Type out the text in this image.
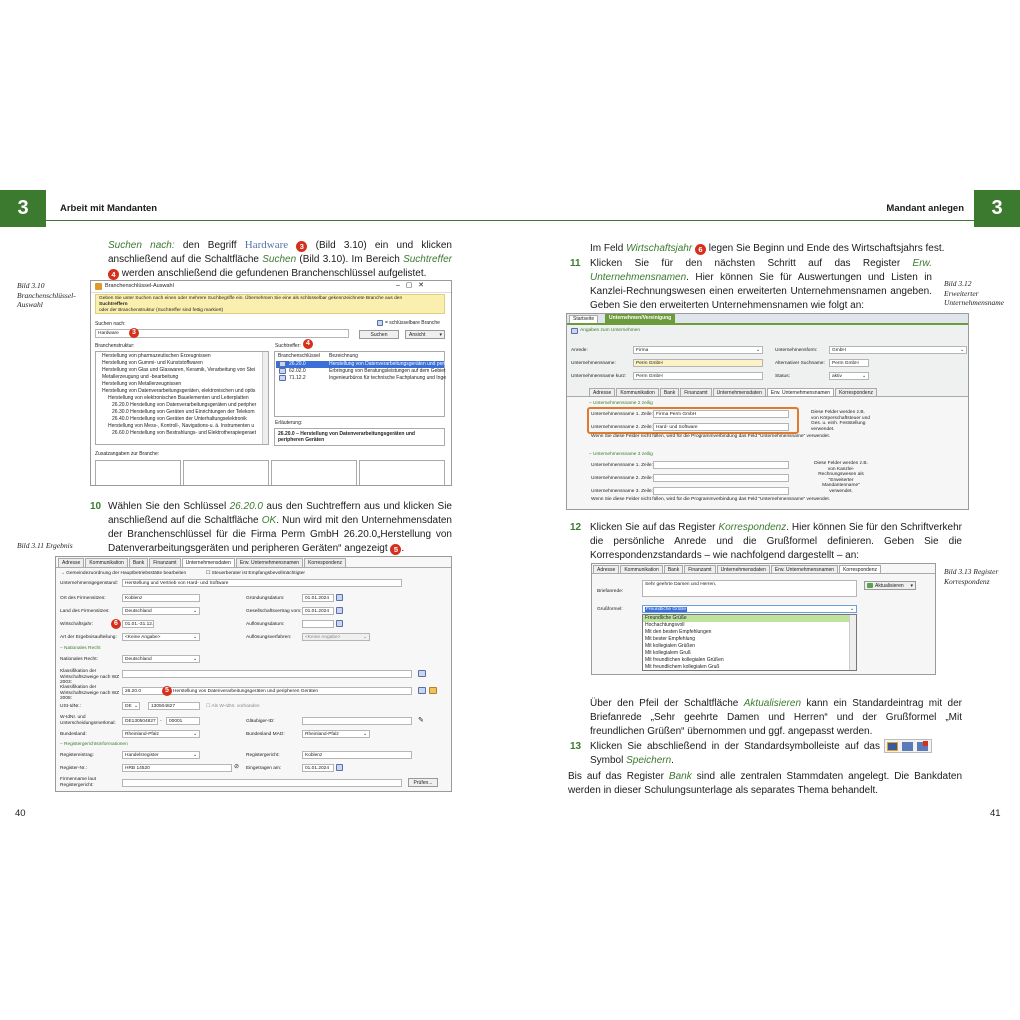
3	Arbeit mit Mandanten	3
Mandant anlegen
Suchen nach: den Begriff Hardware 3 (Bild 3.10) ein und klicken anschließend auf die Schaltfläche Suchen (Bild 3.10). Im Bereich Suchtreffer 4 werden anschließend die gefundenen Branchenschlüssel aufgelistet.
Bild 3.10 Branchenschlüssel-Auswahl
Branchenschlüssel-Auswahl	–   ▢   ✕
Geben Sie unter Suchen nach einen oder mehrere Suchbegriffe ein. Übernehmen Sie eine als schlüsselbar gekennzeichnete Branche aus den
Suchtreffern
oder der Branchenstruktur (Suchtreffer sind fettig markiert)
= schlüsselbare Branche
Suchen nach:
Hardware	3	Suchen	Ansicht	▾
Branchenstruktur:
Herstellung von pharmazeutischen Erzeugnissen
Herstellung von Gummi- und Kunststoffwaren
Herstellung von Glas und Glaswaren, Keramik, Verarbeitung von Stei
Metallerzeugung und -bearbeitung
Herstellung von Metallerzeugnissen
Herstellung von Datenverarbeitungsgeräten, elektronischen und optis
Herstellung von elektronischen Bauelementen und Leiterplatten
26.20.0 Herstellung von Datenverarbeitungsgeräten und peripher
26.30.0 Herstellung von Geräten und Einrichtungen der Telekom
26.40.0 Herstellung von Geräten der Unterhaltungselektronik
Herstellung von Mess-, Kontroll-, Navigations-u. ä. Instrumenten u
26.60.0 Herstellung von Bestrahlungs- und Elektrotherapiegeraet
Suchtreffer: 4
Branchenschlüssel Bezeichnung
26.20.0	Herstellung von Datenverarbeitungsgeräten und peri
62.02.0	Erbringung von Beratungsleistungen auf dem Gebiet
71.12.2	Ingenieurbüros für technische Fachplanung und Inge
Erläuterung:
26.20.0 – Herstellung von Datenverarbeitungsgeräten und peripheren Geräten
Zusatzangaben zur Branche:
10 Wählen Sie den Schlüssel 26.20.0 aus den Suchtreffern aus und klicken Sie anschließend auf die Schaltfläche OK. Nun wird mit den Unternehmensdaten der Branchenschlüssel für die Firma Perm GmbH 26.20.0„Herstellung von Datenverarbeitungsgeräten und peripheren Geräten“ angezeigt 5 .
Bild 3.11 Ergebnis
Adresse	Kommunikation	Bank	Finanzamt	Unternehmensdaten	Erw. Unternehmensnamen	Korrespondenz
→ Gemeindezuordnung der Hauptbetriebsstätte bearbeiten	☐ Steuerberater ist Empfangsbevollmächtigter
Unternehmensgegenstand:	Herstellung und Vertrieb von Hard- und Software
Ort des Firmensitzes:	Koblenz	Gründungsdatum:	01.01.2024
Land des Firmensitzes:	Deutschland	⌄	Gesellschaftsvertrag vom: 01.01.2024
Wirtschaftsjahr:	6	01.01.-31.12.	Auflösungsdatum:
Art der Ergebnisaufteilung:	<Keine Angabe>	⌄	Auflösungsverfahren:	<Keine Angabe>	⌄
– Nationales Recht
Nationales Recht:	Deutschland	⌄
Klassifikation der Wirtschaftszweige nach WZ 2003:
Klassifikation der Wirtschaftszweige nach WZ 2008:
26.20.0	Herstellung von Datenverarbeitungsgeräten und peripheren Geräten
5
USt-IdNr.:	DE ⌄	130504827	☐ Als W-IdNr. vorhanden
W-IdNr. und Unterscheidungsmerkmal:	DE130504827 -	00001	Gläubiger-ID:	✎
Bundesland:	Rheinland-Pfalz	⌄	Bundesland MAD:	Rheinland-Pfalz	⌄
– Registergerichtsinformationen
Registereintrag:	Handelsregister	⌄	Registergericht:	Koblenz
Register-Nr.:	HRB 14520	⊘ Eingetragen am:	01.01.2024
Firmenname laut Registergericht:	Prüfen...
40
Im Feld Wirtschaftsjahr 6 legen Sie Beginn und Ende des Wirtschaftsjahrs fest.
11 Klicken Sie für den nächsten Schritt auf das Register Erw. Unternehmensnamen. Hier können Sie für Auswertungen und Listen in Kanzlei-Rechnungswesen einen erweiterten Unternehmensnamen angeben. Geben Sie den erweiterten Unternehmensnamen wie folgt an:
Bild 3.12 Erweiterter Unternehmensname
Startseite	Unternehmen/Vereinigung
Angaben zum Unternehmen
Anrede:	Firma	⌄	Unternehmensform:	GmbH	⌄
Unternehmensname:	Perm GmbH	Alternativer Suchname:	Perm GmbH
Unternehmensname kurz:	Perm GmbH	Status:	aktiv	⌄
Adresse	Kommunikation	Bank	Finanzamt	Unternehmensdaten	Erw. Unternehmensnamen	Korrespondenz
– Unternehmensname 2 zeilig
Unternehmensname 1. Zeile: Firma Perm GmbH
Unternehmensname 2. Zeile: Hard- und Software
Diese Felder werden z.B. von Körperschaftsteuer und Ges. u. einh. Feststellung verwendet.
Wenn Sie diese Felder nicht füllen, wird für die Programmverbindung das Feld "Unternehmensname" verwendet.
– Unternehmensname 3 zeilig
Unternehmensname 1. Zeile:
Unternehmensname 2. Zeile:
Unternehmensname 3. Zeile:
Diese Felder werden z.B. von Kanzlei-Rechnungswesen als "Erweiterter Mandantenname" verwendet.
Wenn Sie diese Felder nicht füllen, wird für die Programmverbindung das Feld "Unternehmensname" verwendet.
12 Klicken Sie auf das Register Korrespondenz. Hier können Sie für den Schriftverkehr die persönliche Anrede und die Grußformel definieren. Geben Sie die Korrespondenzstandards – wie nachfolgend dargestellt – an:
Bild 3.13 Register Korrespondenz
Adresse	Kommunikation	Bank	Finanzamt	Unternehmensdaten	Erw. Unternehmensnamen	Korrespondenz
Briefanrede:
Sehr geehrte Damen und Herren,	Aktualisieren ▾
Grußformel:	Freundliche Grüße	⌄
Freundliche Grüße
Hochachtungsvoll
Mit den besten Empfehlungen
Mit bester Empfehlung
Mit kollegialen Grüßen
Mit kollegialem Gruß
Mit freundlichen kollegialen Grüßen
Mit freundlichem kollegialen Gruß
Über den Pfeil der Schaltfläche Aktualisieren kann ein Standardeintrag mit der Briefanrede „Sehr geehrte Damen und Herren“ und der Grußformel „Mit freundlichen Grüßen“ übernommen und ggf. angepasst werden.
13 Klicken Sie abschließend in der Standardsymbolleiste auf das Symbol Speichern.
Bis auf das Register Bank sind alle zentralen Stammdaten angelegt. Die Bankdaten werden in dieser Schulungsunterlage als separates Thema behandelt.
41
